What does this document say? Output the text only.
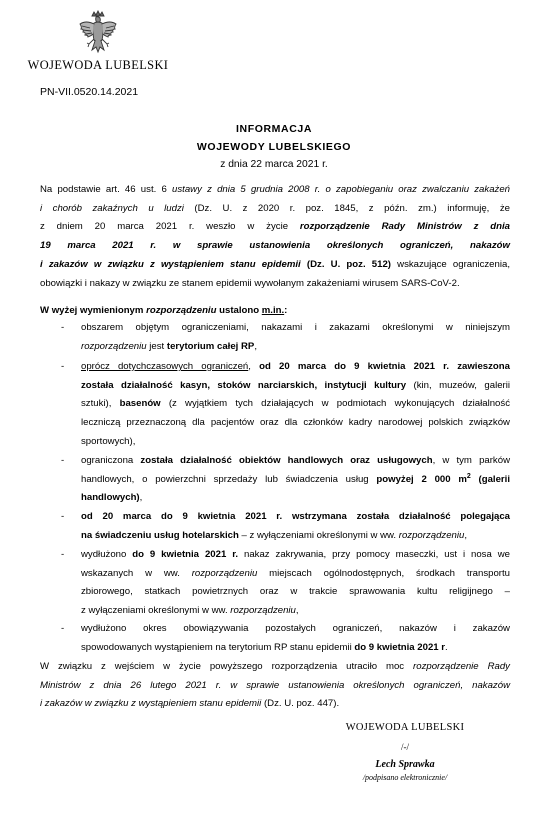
WOJEWODA LUBELSKI
PN-VII.0520.14.2021
INFORMACJA
WOJEWODY LUBELSKIEGO
z dnia 22 marca 2021 r.
Na podstawie art. 46 ust. 6 ustawy z dnia 5 grudnia 2008 r. o zapobieganiu oraz zwalczaniu zakażeń
i chorób zakaźnych u ludzi (Dz. U. z 2020 r. poz. 1845, z późn. zm.) informuję, że
z dniem 20 marca 2021 r. weszło w życie rozporządzenie Rady Ministrów z dnia
19 marca 2021 r. w sprawie ustanowienia określonych ograniczeń, nakazów
i zakazów w związku z wystąpieniem stanu epidemii (Dz. U. poz. 512) wskazujące ograniczenia,
obowiązki i nakazy w związku ze stanem epidemii wywołanym zakażeniami wirusem SARS-CoV-2.
W wyżej wymienionym rozporządzeniu ustalono m.in.:
- obszarem objętym ograniczeniami, nakazami i zakazami określonymi w niniejszym
rozporządzeniu jest terytorium całej RP,
- oprócz dotychczasowych ograniczeń, od 20 marca do 9 kwietnia 2021 r. zawieszona
została działalność kasyn, stoków narciarskich, instytucji kultury (kin, muzeów, galerii
sztuki), basenów (z wyjątkiem tych działających w podmiotach wykonujących działalność
leczniczą przeznaczoną dla pacjentów oraz dla członków kadry narodowej polskich związków
sportowych),
- ograniczona została działalność obiektów handlowych oraz usługowych, w tym parków
handlowych, o powierzchni sprzedaży lub świadczenia usług powyżej 2 000 $m^2$ (galerii
handlowych),
- od 20 marca do 9 kwietnia 2021 r. wstrzymana została działalność polegająca
na świadczeniu usług hotelarskich – z wyłączeniami określonymi w ww. rozporządzeniu,
- wydłużono do 9 kwietnia 2021 r. nakaz zakrywania, przy pomocy maseczki, ust i nosa we
wskazanych w ww. rozporządzeniu miejscach ogólnodostępnych, środkach transportu
zbiorowego, statkach powietrznych oraz w trakcie sprawowania kultu religijnego –
z wyłączeniami określonymi w ww. rozporządzeniu,
- wydłużono okres obowiązywania pozostałych ograniczeń, nakazów i zakazów
spowodowanych wystąpieniem na terytorium RP stanu epidemii do 9 kwietnia 2021 r.
W związku z wejściem w życie powyższego rozporządzenia utraciło moc rozporządzenie Rady
Ministrów z dnia 26 lutego 2021 r. w sprawie ustanowienia określonych ograniczeń, nakazów
i zakazów w związku z wystąpieniem stanu epidemii (Dz. U. poz. 447).
WOJEWODA LUBELSKI
/-/
Lech Sprawka
/podpisano elektronicznie/
